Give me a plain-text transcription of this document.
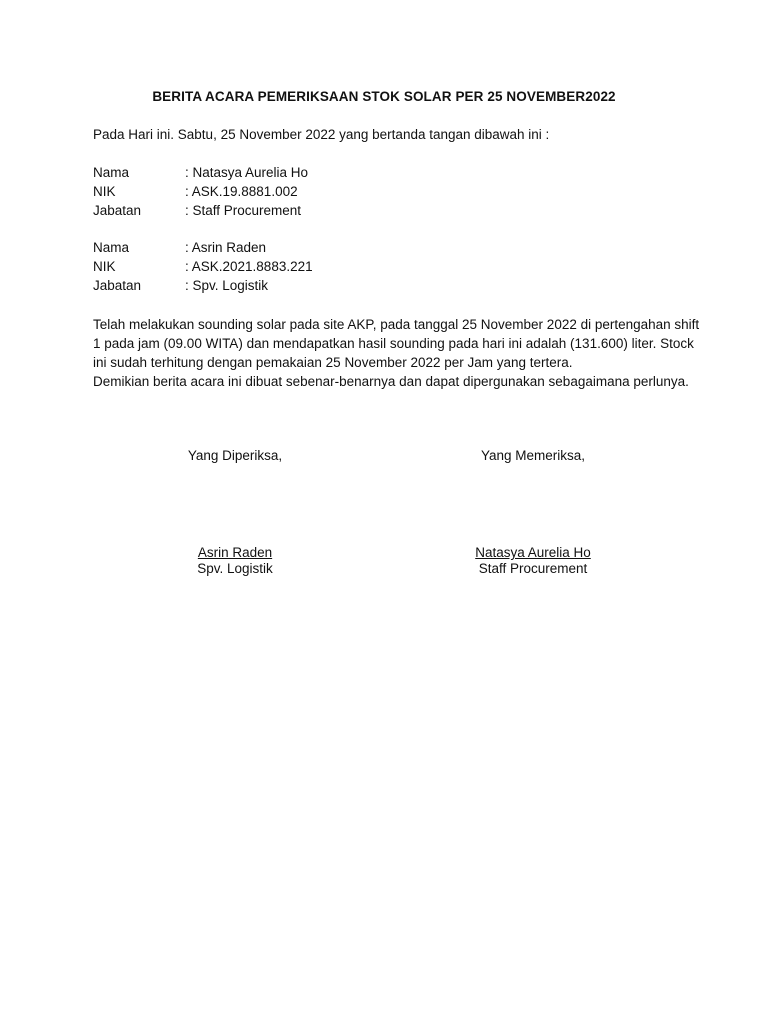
BERITA ACARA PEMERIKSAAN STOK SOLAR PER 25 NOVEMBER2022
Pada Hari ini. Sabtu, 25 November 2022 yang bertanda tangan dibawah ini :
Nama	: Natasya Aurelia Ho
NIK	: ASK.19.8881.002
Jabatan	: Staff Procurement
Nama	: Asrin Raden
NIK	: ASK.2021.8883.221
Jabatan	: Spv. Logistik

Telah melakukan sounding solar pada site AKP, pada tanggal 25 November 2022 di pertengahan shift

1 pada jam (09.00 WITA) dan mendapatkan hasil sounding pada hari ini adalah (131.600) liter. Stock

ini sudah terhitung dengan pemakaian 25 November 2022 per Jam yang tertera.

Demikian berita acara ini dibuat sebenar-benarnya dan dapat dipergunakan sebagaimana perlunya.

Yang Diperiksa,
Asrin Raden
Spv. Logistik
Yang Memeriksa,
Natasya Aurelia Ho
Staff Procurement
